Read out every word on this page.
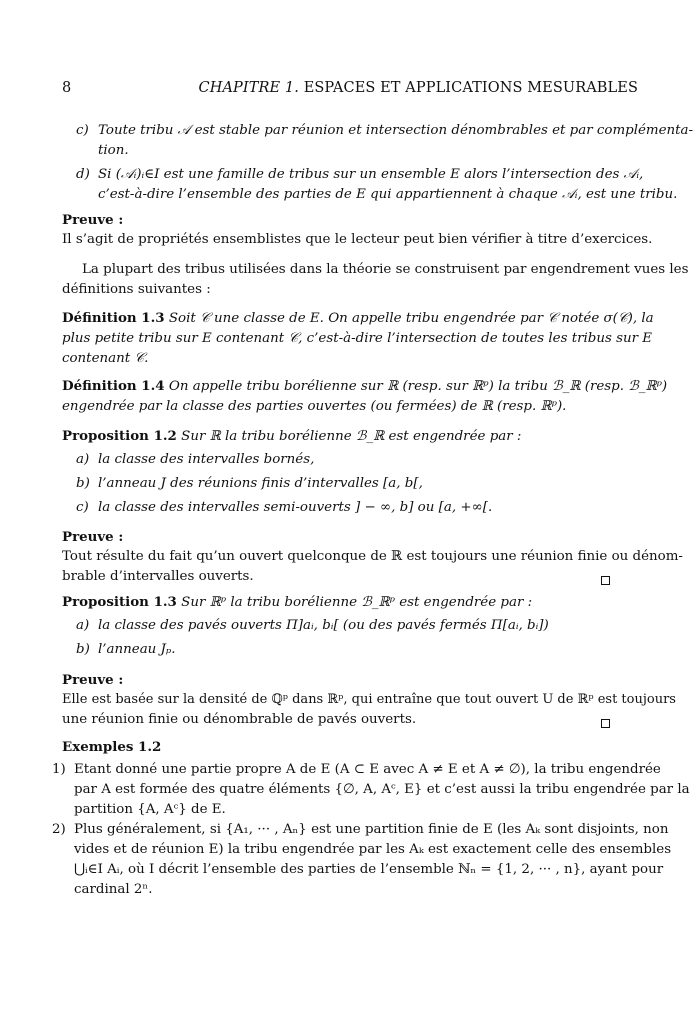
8	CHAPITRE 1. ESPACES ET APPLICATIONS MESURABLES
c) Toute tribu 𝒜 est stable par réunion et intersection dénombrables et par complémenta-
tion.
d) Si (𝒜ᵢ)ᵢ∈I est une famille de tribus sur un ensemble E alors l’intersection des 𝒜ᵢ,
c’est-à-dire l’ensemble des parties de E qui appartiennent à chaque 𝒜ᵢ, est une tribu.
Preuve :
Il s’agit de propriétés ensemblistes que le lecteur peut bien vérifier à titre d’exercices.
La plupart des tribus utilisées dans la théorie se construisent par engendrement vues les
définitions suivantes :
Définition 1.3 Soit 𝒞 une classe de E. On appelle tribu engendrée par 𝒞 notée σ(𝒞), la
plus petite tribu sur E contenant 𝒞, c’est-à-dire l’intersection de toutes les tribus sur E
contenant 𝒞.
Définition 1.4 On appelle tribu borélienne sur ℝ (resp. sur ℝᵖ) la tribu ℬ_ℝ (resp. ℬ_ℝᵖ)
engendrée par la classe des parties ouvertes (ou fermées) de ℝ (resp. ℝᵖ).
Proposition 1.2 Sur ℝ la tribu borélienne ℬ_ℝ est engendrée par :
a) la classe des intervalles bornés,
b) l’anneau J des réunions finis d’intervalles [a, b[,
c) la classe des intervalles semi-ouverts ] − ∞, b] ou [a, +∞[.
Preuve :
Tout résulte du fait qu’un ouvert quelconque de ℝ est toujours une réunion finie ou dénom-
brable d’intervalles ouverts.
Proposition 1.3 Sur ℝᵖ la tribu borélienne ℬ_ℝᵖ est engendrée par :
a) la classe des pavés ouverts Π]aᵢ, bᵢ[ (ou des pavés fermés Π[aᵢ, bᵢ])
b) l’anneau Jₚ.
Preuve :
Elle est basée sur la densité de ℚᵖ dans ℝᵖ, qui entraîne que tout ouvert U de ℝᵖ est toujours
une réunion finie ou dénombrable de pavés ouverts.
Exemples 1.2
1) Etant donné une partie propre A de E (A ⊂ E avec A ≠ E et A ≠ ∅), la tribu engendrée
par A est formée des quatre éléments {∅, A, Aᶜ, E} et c’est aussi la tribu engendrée par la
partition {A, Aᶜ} de E.
2) Plus généralement, si {A₁, ··· , Aₙ} est une partition finie de E (les Aₖ sont disjoints, non
vides et de réunion E) la tribu engendrée par les Aₖ est exactement celle des ensembles
⋃ᵢ∈I Aᵢ, où I décrit l’ensemble des parties de l’ensemble ℕₙ = {1, 2, ··· , n}, ayant pour
cardinal 2ⁿ.
